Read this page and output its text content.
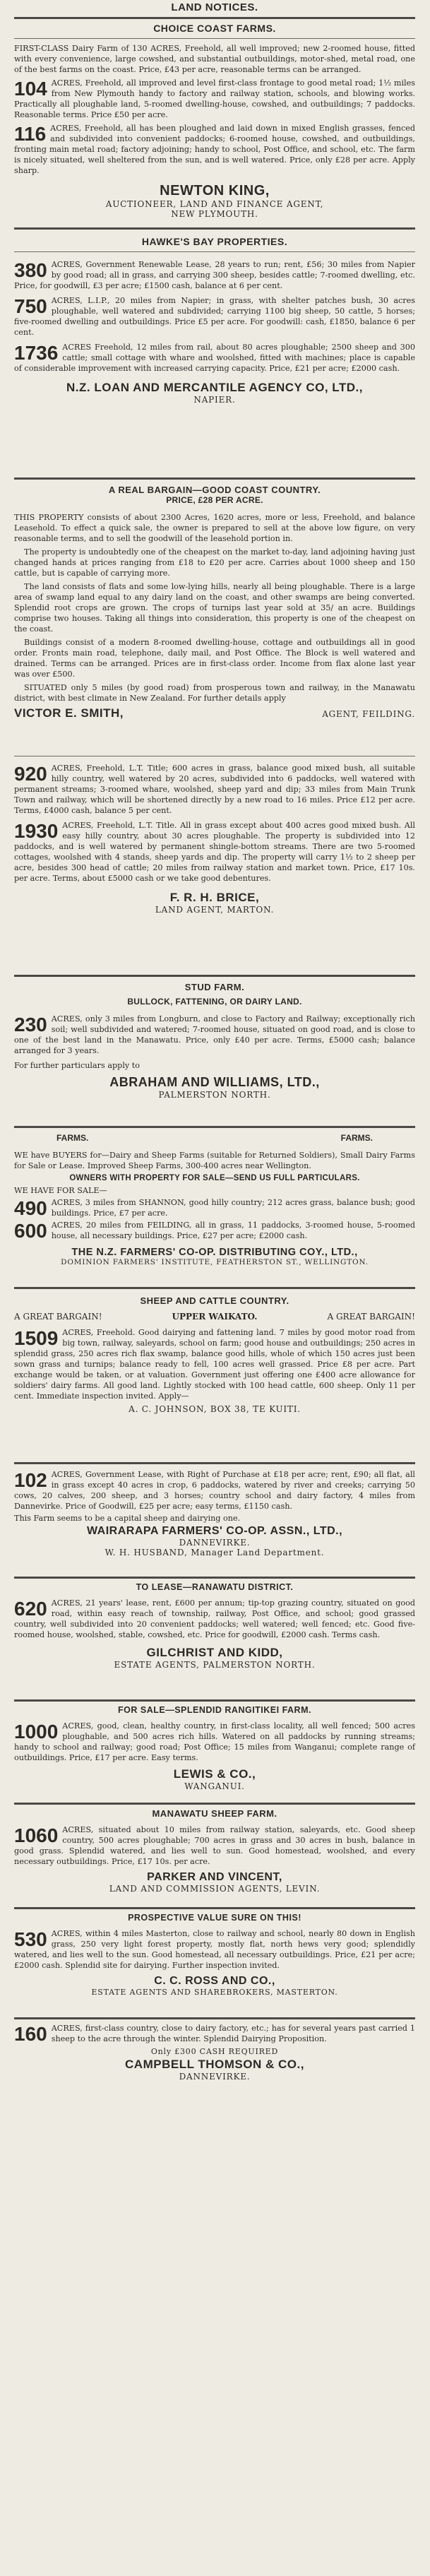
LAND NOTICES.
CHOICE COAST FARMS.
FIRST-CLASS Dairy Farm of 130 ACRES, Freehold, all well improved; new 2-roomed house, fitted with every convenience, large cowshed, and substantial outbuildings, motor-shed, metal road, one of the best farms on the coast. Price, £43 per acre, reasonable terms can be arranged.
104 ACRES, Freehold, all improved and level first-class frontage to good metal road; 1½ miles from New Plymouth handy to factory and railway station, schools, and blowing works. Practically all ploughable land, 5-roomed dwelling-house, cowshed, and outbuildings; 7 paddocks. Reasonable terms. Price £50 per acre.
116 ACRES, Freehold, all has been ploughed and laid down in mixed English grasses, fenced and subdivided into convenient paddocks; 6-roomed house, cowshed, and outbuildings, fronting main metal road; factory adjoining; handy to school, Post Office, and school, etc. The farm is nicely situated, well sheltered from the sun, and is well watered. Price, only £28 per acre. Apply sharp.
NEWTON KING,
AUCTIONEER, LAND AND FINANCE AGENT,
NEW PLYMOUTH.
HAWKE'S BAY PROPERTIES.
380 ACRES, Government Renewable Lease, 28 years to run; rent, £56; 30 miles from Napier by good road; all in grass, and carrying 300 sheep, besides cattle; 7-roomed dwelling, etc. Price, for goodwill, £3 per acre; £1500 cash, balance at 6 per cent.
750 ACRES, L.I.P., 20 miles from Napier; in grass, with shelter patches bush, 30 acres ploughable, well watered and subdivided; carrying 1100 big sheep, 50 cattle, 5 horses; five-roomed dwelling and outbuildings. Price £5 per acre. For goodwill: cash, £1850, balance 6 per cent.
1736 ACRES Freehold, 12 miles from rail, about 80 acres ploughable; 2500 sheep and 300 cattle; small cottage with whare and woolshed, fitted with machines; place is capable of considerable improvement with increased carrying capacity. Price, £21 per acre; £2000 cash.
N.Z. LOAN AND MERCANTILE AGENCY CO, LTD.,
NAPIER.
A REAL BARGAIN—GOOD COAST COUNTRY.
PRICE, £28 PER ACRE.
THIS PROPERTY consists of about 2300 Acres, 1620 acres, more or less, Freehold, and balance Leasehold. To effect a quick sale, the owner is prepared to sell at the above low figure, on very reasonable terms, and to sell the goodwill of the leasehold portion in.
The property is undoubtedly one of the cheapest on the market to-day, land adjoining having just changed hands at prices ranging from £18 to £20 per acre. Carries about 1000 sheep and 150 cattle, but is capable of carrying more.
The land consists of flats and some low-lying hills, nearly all being ploughable. There is a large area of swamp land equal to any dairy land on the coast, and other swamps are being converted. Splendid root crops are grown. The crops of turnips last year sold at 35/ an acre. Buildings comprise two houses. Taking all things into consideration, this property is one of the cheapest on the coast.
Buildings consist of a modern 8-roomed dwelling-house, cottage and outbuildings all in good order. Fronts main road, telephone, daily mail, and Post Office. The Block is well watered and drained. Terms can be arranged. Prices are in first-class order. Income from flax alone last year was over £500.
SITUATED only 5 miles (by good road) from prosperous town and railway, in the Manawatu district, with best climate in New Zealand. For further details apply
VICTOR E. SMITH,	AGENT, FEILDING.
920 ACRES, Freehold, L.T. Title; 600 acres in grass, balance good mixed bush, all suitable hilly country, well watered by 20 acres, subdivided into 6 paddocks, well watered with permanent streams; 3-roomed whare, woolshed, sheep yard and dip; 33 miles from Main Trunk Town and railway, which will be shortened directly by a new road to 16 miles. Price £12 per acre. Terms, £4000 cash, balance 5 per cent.
1930 ACRES, Freehold, L.T. Title. All in grass except about 400 acres good mixed bush. All easy hilly country, about 30 acres ploughable. The property is subdivided into 12 paddocks, and is well watered by permanent shingle-bottom streams. There are two 5-roomed cottages, woolshed with 4 stands, sheep yards and dip. The property will carry 1½ to 2 sheep per acre, besides 300 head of cattle; 20 miles from railway station and market town. Price, £17 10s. per acre. Terms, about £5000 cash or we take good debentures.
F. R. H. BRICE,
LAND AGENT, MARTON.
STUD FARM.
BULLOCK, FATTENING, OR DAIRY LAND.
230 ACRES, only 3 miles from Longburn, and close to Factory and Railway; exceptionally rich soil; well subdivided and watered; 7-roomed house, situated on good road, and is close to one of the best land in the Manawatu. Price, only £40 per acre. Terms, £5000 cash; balance arranged for 3 years.
For further particulars apply to
ABRAHAM AND WILLIAMS, LTD.,
PALMERSTON NORTH.
FARMS.	FARMS.
WE have BUYERS for—Dairy and Sheep Farms (suitable for Returned Soldiers), Small Dairy Farms for Sale or Lease. Improved Sheep Farms, 300-400 acres near Wellington.
OWNERS WITH PROPERTY FOR SALE—SEND US FULL PARTICULARS.
WE HAVE FOR SALE—
490 ACRES, 3 miles from SHANNON, good hilly country; 212 acres grass, balance bush; good buildings. Price, £7 per acre.
600 ACRES, 20 miles from FEILDING, all in grass, 11 paddocks, 3-roomed house, 5-roomed house, all necessary buildings. Price, £27 per acre; £2000 cash.
THE N.Z. FARMERS' CO-OP. DISTRIBUTING COY., LTD.,
DOMINION FARMERS' INSTITUTE, FEATHERSTON ST., WELLINGTON.
SHEEP AND CATTLE COUNTRY.
A GREAT BARGAIN!	UPPER WAIKATO.	A GREAT BARGAIN!
1509 ACRES, Freehold. Good dairying and fattening land. 7 miles by good motor road from big town, railway, saleyards, school on farm; good house and outbuildings; 250 acres in splendid grass, 250 acres rich flax swamp, balance good hills, whole of which 150 acres just been sown grass and turnips; balance ready to fell, 100 acres well grassed. Price £8 per acre. Part exchange would be taken, or at valuation. Government just offering one £400 acre allowance for soldiers' dairy farms. All good land. Lightly stocked with 100 head cattle, 600 sheep. Only 11 per cent. Immediate inspection invited. Apply—
A. C. JOHNSON, BOX 38, TE KUITI.
102 ACRES, Government Lease, with Right of Purchase at £18 per acre; rent, £90; all flat, all in grass except 40 acres in crop, 6 paddocks, watered by river and creeks; carrying 50 cows, 20 calves, 200 sheep, and 3 horses; country school and dairy factory, 4 miles from Dannevirke. Price of Goodwill, £25 per acre; easy terms, £1150 cash.
This Farm seems to be a capital sheep and dairying one.
WAIRARAPA FARMERS' CO-OP. ASSN., LTD.,
DANNEVIRKE.
W. H. HUSBAND, Manager Land Department.
TO LEASE—RANAWATU DISTRICT.
620 ACRES, 21 years' lease, rent, £600 per annum; tip-top grazing country, situated on good road, within easy reach of township, railway, Post Office, and school; good grassed country, well subdivided into 20 convenient paddocks; well watered; well fenced; etc. Good five-roomed house, woolshed, stable, cowshed, etc. Price for goodwill, £2000 cash. Terms cash.
GILCHRIST AND KIDD,
ESTATE AGENTS, PALMERSTON NORTH.
FOR SALE—SPLENDID RANGITIKEI FARM.
1000 ACRES, good, clean, healthy country, in first-class locality, all well fenced; 500 acres ploughable, and 500 acres rich hills. Watered on all paddocks by running streams; handy to school and railway; good road; Post Office; 15 miles from Wanganui; complete range of outbuildings. Price, £17 per acre. Easy terms.
LEWIS & CO.,
WANGANUI.
MANAWATU SHEEP FARM.
1060 ACRES, situated about 10 miles from railway station, saleyards, etc. Good sheep country, 500 acres ploughable; 700 acres in grass and 30 acres in bush, balance in good grass. Splendid watered, and lies well to sun. Good homestead, woolshed, and every necessary outbuildings. Price, £17 10s. per acre.
PARKER AND VINCENT,
LAND AND COMMISSION AGENTS, LEVIN.
PROSPECTIVE VALUE SURE ON THIS!
530 ACRES, within 4 miles Masterton, close to railway and school, nearly 80 down in English grass, 250 very light forest property, mostly flat, north hews very good; splendidly watered, and lies well to the sun. Good homestead, all necessary outbuildings. Price, £21 per acre; £2000 cash. Splendid site for dairying. Further inspection invited.
C. C. ROSS AND CO.,
ESTATE AGENTS AND SHAREBROKERS, MASTERTON.
160 ACRES, first-class country, close to dairy factory, etc.; has for several years past carried 1 sheep to the acre through the winter. Splendid Dairying Proposition.
Only £300 CASH REQUIRED
CAMPBELL THOMSON & CO.,
DANNEVIRKE.
